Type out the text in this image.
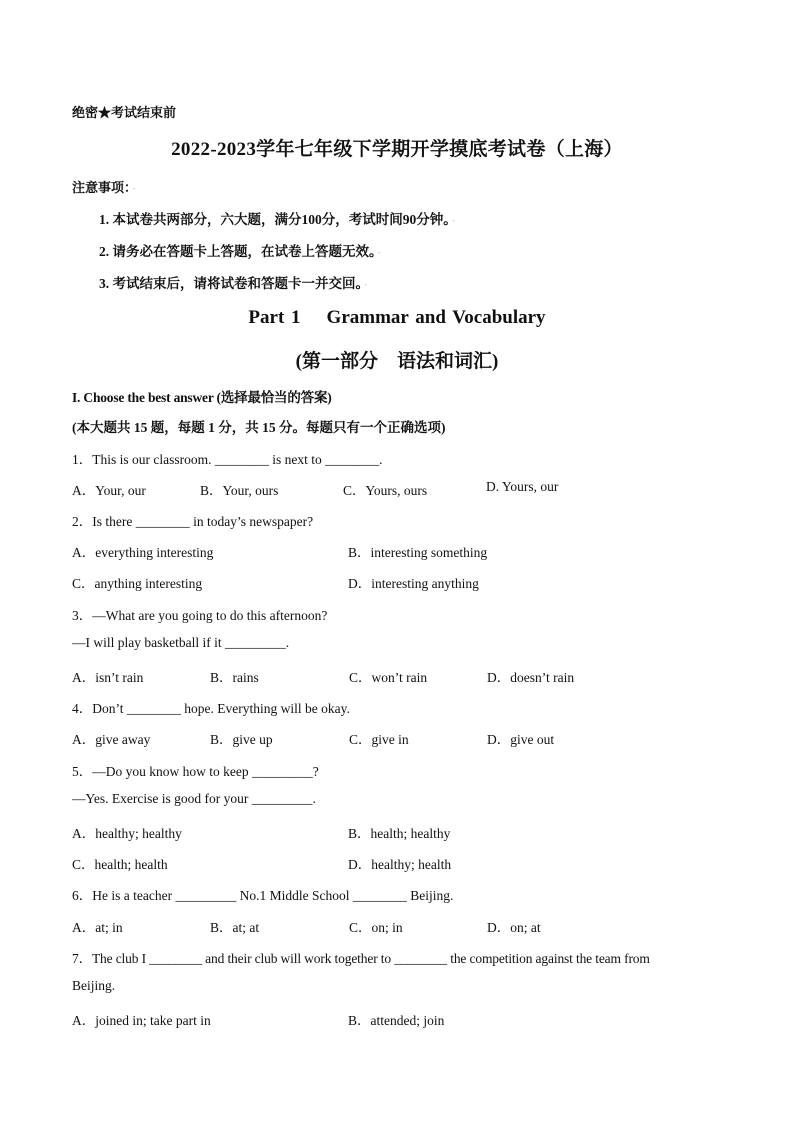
绝密★考试结束前
2022-2023学年七年级下学期开学摸底考试卷（上海）
注意事项： ·
1. 本试卷共两部分，六大题，满分100分，考试时间90分钟。 ·
2. 请务必在答题卡上答题，在试卷上答题无效。 ·
3. 考试结束后，请将试卷和答题卡一并交回。 ·
Part 1 Grammar and Vocabulary
(第一部分　语法和词汇)
I. Choose the best answer (选择最恰当的答案)
(本大题共 15 题，每题 1 分，共 15 分。每题只有一个正确选项)
1．This is our classroom. ________ is next to ________.
A．Your, our	B．Your, ours	C．Yours, ours	D. Yours, our
2．Is there ________ in today’s newspaper?
A．everything interesting	B．interesting something
C．anything interesting	D．interesting anything
3．—What are you going to do this afternoon?
—I will play basketball if it _________.
A．isn’t rain	B．rains	C．won’t rain	D．doesn’t rain
4．Don’t ________ hope. Everything will be okay.
A．give away	B．give up	C．give in	D．give out
5．—Do you know how to keep _________?
—Yes. Exercise is good for your _________.
A．healthy; healthy	B．health; healthy
C．health; health	D．healthy; health
6．He is a teacher _________ No.1 Middle School ________ Beijing.
A．at; in	B．at; at	C．on; in	D．on; at
7．The club I ________ and their club will work together to ________ the competition against the team from
Beijing.
A．joined in; take part in	B．attended; join
